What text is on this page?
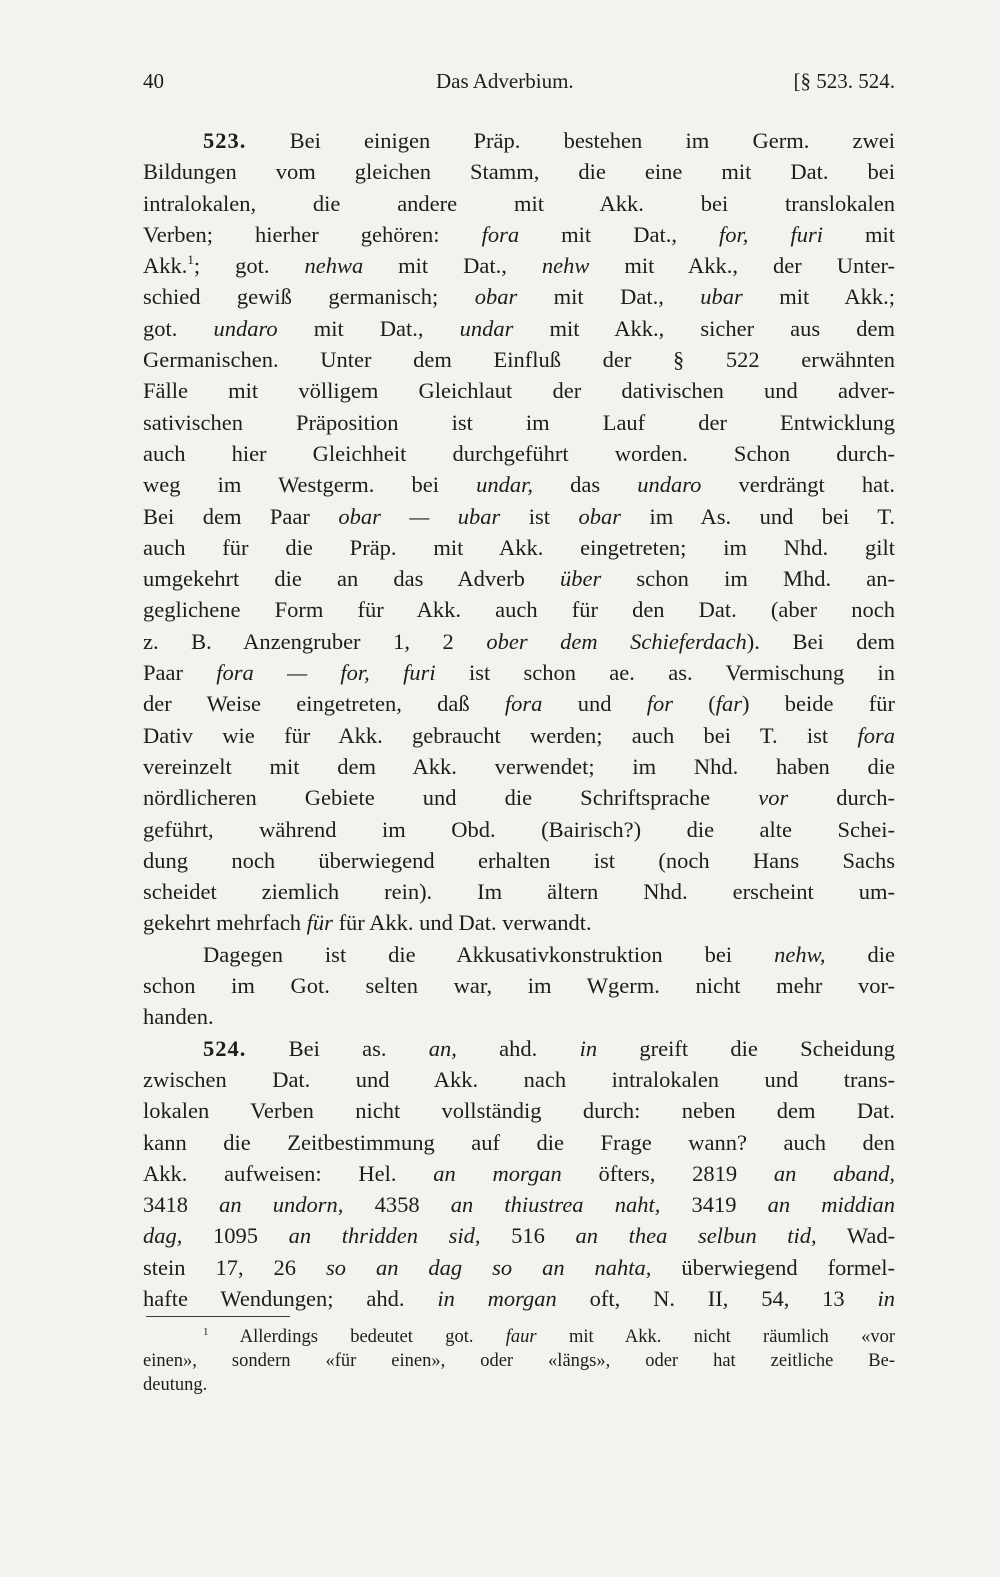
40	Das Adverbium.	[§ 523. 524.
523. Bei einigen Präp. bestehen im Germ. zwei
Bildungen vom gleichen Stamm, die eine mit Dat. bei
intralokalen, die andere mit Akk. bei translokalen
Verben; hierher gehören: fora mit Dat., for, furi mit
Akk.$^1$; got. nehwa mit Dat., nehw mit Akk., der Unter-
schied gewiß germanisch; obar mit Dat., ubar mit Akk.;
got. undaro mit Dat., undar mit Akk., sicher aus dem
Germanischen. Unter dem Einfluß der § 522 erwähnten
Fälle mit völligem Gleichlaut der dativischen und adver-
sativischen Präposition ist im Lauf der Entwicklung
auch hier Gleichheit durchgeführt worden. Schon durch-
weg im Westgerm. bei undar, das undaro verdrängt hat.
Bei dem Paar obar — ubar ist obar im As. und bei T.
auch für die Präp. mit Akk. eingetreten; im Nhd. gilt
umgekehrt die an das Adverb über schon im Mhd. an-
geglichene Form für Akk. auch für den Dat. (aber noch
z. B. Anzengruber 1, 2 ober dem Schieferdach). Bei dem
Paar fora — for, furi ist schon ae. as. Vermischung in
der Weise eingetreten, daß fora und for (far) beide für
Dativ wie für Akk. gebraucht werden; auch bei T. ist fora
vereinzelt mit dem Akk. verwendet; im Nhd. haben die
nördlicheren Gebiete und die Schriftsprache vor durch-
geführt, während im Obd. (Bairisch?) die alte Schei-
dung noch überwiegend erhalten ist (noch Hans Sachs
scheidet ziemlich rein). Im ältern Nhd. erscheint um-
gekehrt mehrfach für für Akk. und Dat. verwandt.
Dagegen ist die Akkusativkonstruktion bei nehw, die
schon im Got. selten war, im Wgerm. nicht mehr vor-
handen.
524. Bei as. an, ahd. in greift die Scheidung
zwischen Dat. und Akk. nach intralokalen und trans-
lokalen Verben nicht vollständig durch: neben dem Dat.
kann die Zeitbestimmung auf die Frage wann? auch den
Akk. aufweisen: Hel. an morgan öfters, 2819 an aband,
3418 an undorn, 4358 an thiustrea naht, 3419 an middian
dag, 1095 an thridden sid, 516 an thea selbun tid, Wad-
stein 17, 26 so an dag so an nahta, überwiegend formel-
hafte Wendungen; ahd. in morgan oft, N. II, 54, 13 in
$^1$ Allerdings bedeutet got. faur mit Akk. nicht räumlich «vor
einen», sondern «für einen», oder «längs», oder hat zeitliche Be-
deutung.
